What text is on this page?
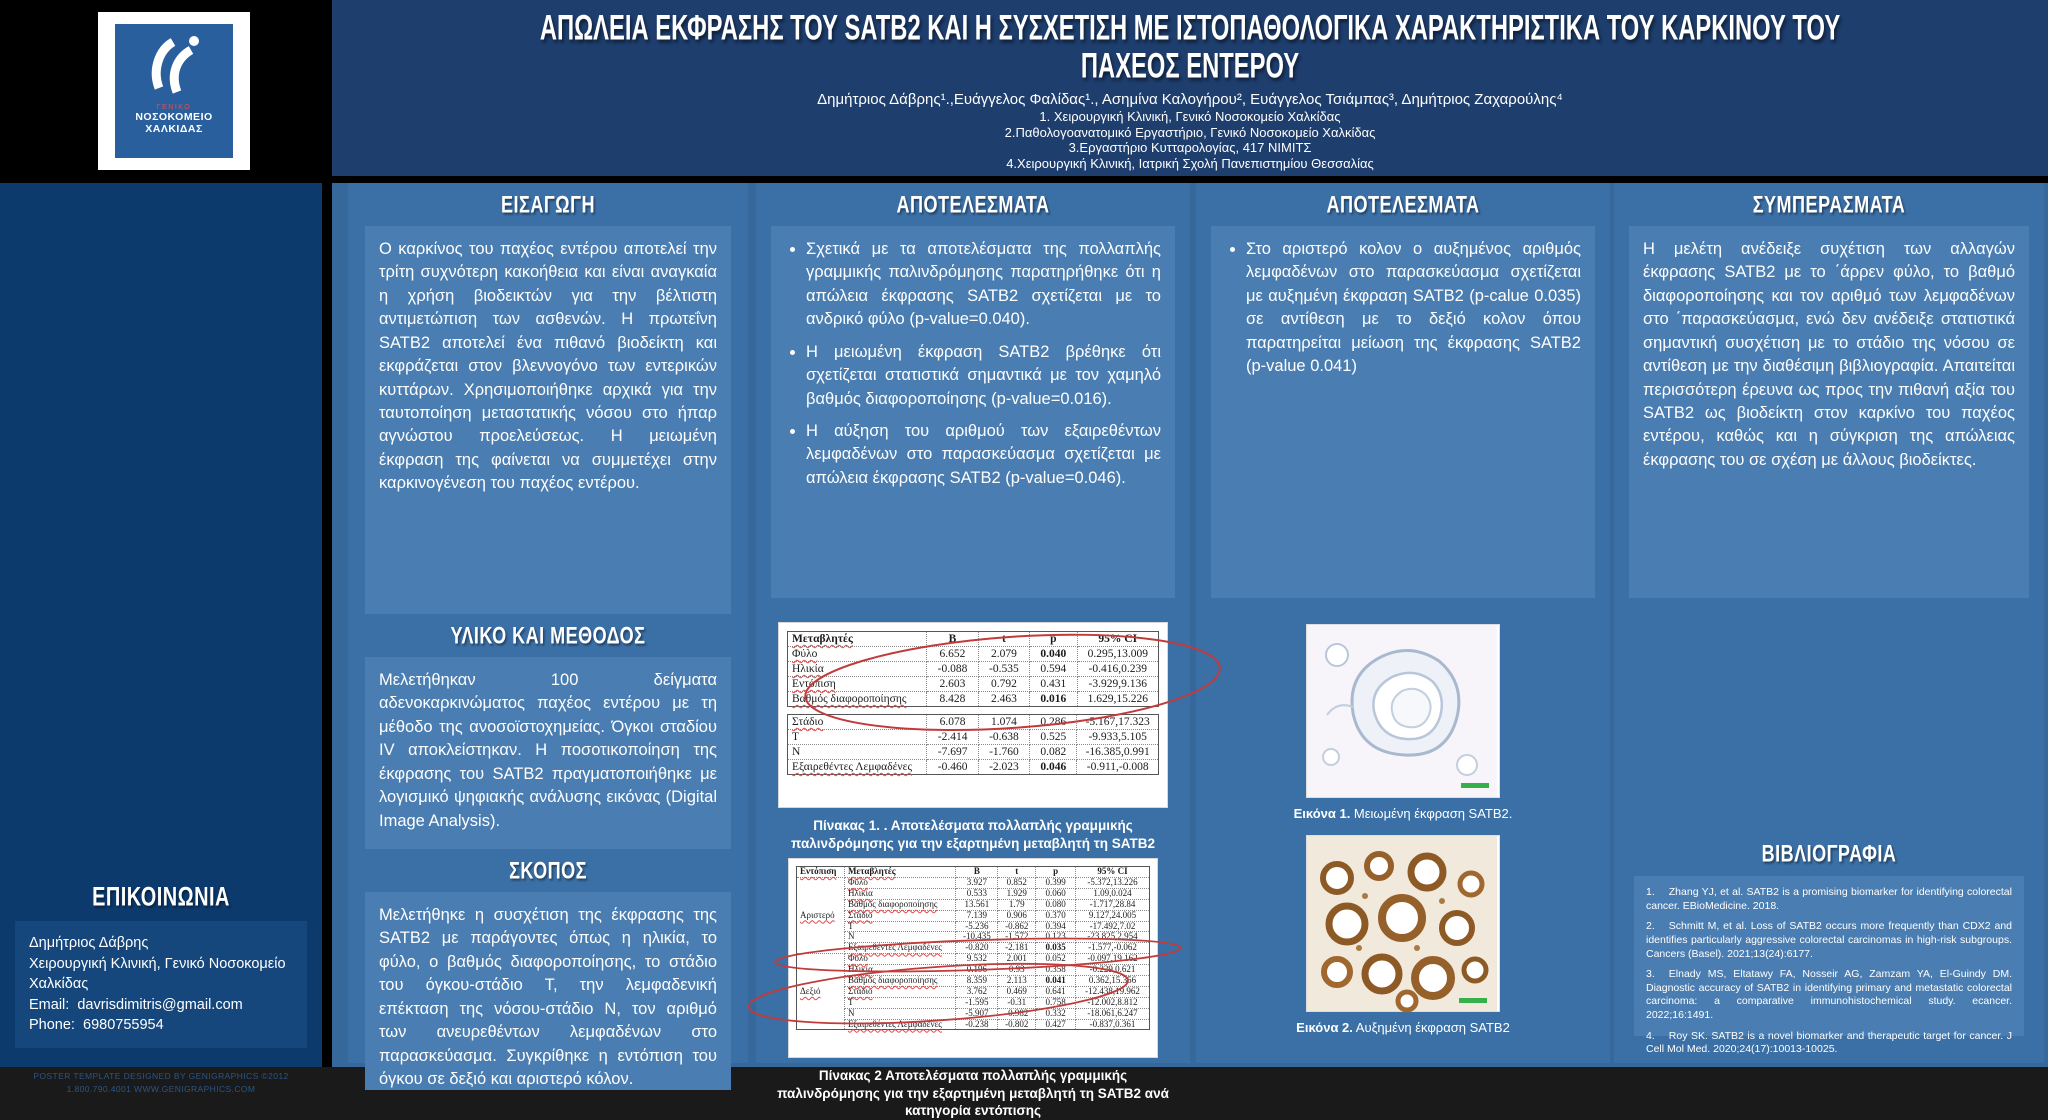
ΓΕΝΙΚΟ
ΝΟΣΟΚΟΜΕΙΟ
ΧΑΛΚΙΔΑΣ
ΑΠΩΛΕΙΑ ΕΚΦΡΑΣΗΣ ΤΟΥ SATB2 ΚΑΙ Η ΣΥΣΧΕΤΙΣΗ ΜΕ ΙΣΤΟΠΑΘΟΛΟΓΙΚΑ ΧΑΡΑΚΤΗΡΙΣΤΙΚΑ ΤΟΥ ΚΑΡΚΙΝΟΥ ΤΟΥ
ΠΑΧΕΟΣ ΕΝΤΕΡΟΥ
Δημήτριος Δάβρης¹.,Ευάγγελος Φαλίδας¹., Ασημίνα Καλογήρου², Ευάγγελος Τσιάμπας³, Δημήτριος Ζαχαρούλης⁴
1. Χειρουργική Κλινική, Γενικό Νοσοκομείο Χαλκίδας
2.Παθολογοανατομικό Εργαστήριο, Γενικό Νοσοκομείο Χαλκίδας
3.Εργαστήριο Κυτταρολογίας, 417 ΝΙΜΙΤΣ
4.Χειρουργική Κλινική, Ιατρική Σχολή Πανεπιστημίου Θεσσαλίας
ΕΠΙΚΟΙΝΩΝΙΑ
Δημήτριος Δάβρης
Χειρουργική Κλινική, Γενικό Νοσοκομείο Χαλκίδας
Email:  davrisdimitris@gmail.com
Phone:  6980755954
POSTER TEMPLATE DESIGNED BY GENIGRAPHICS ©2012
1.800.790.4001 WWW.GENIGRAPHICS.COM
ΕΙΣΑΓΩΓΗ
Ο καρκίνος του παχέος εντέρου αποτελεί την τρίτη συχνότερη κακοήθεια και είναι αναγκαία η χρήση βιοδεικτών για την βέλτιστη αντιμετώπιση των ασθενών. Η πρωτεΐνη SATB2 αποτελεί ένα πιθανό βιοδείκτη και εκφράζεται στον βλεννογόνο των εντερικών κυττάρων. Χρησιμοποιήθηκε αρχικά για την ταυτοποίηση μεταστατικής νόσου στο ήπαρ αγνώστου προελεύσεως. Η μειωμένη έκφραση της φαίνεται να συμμετέχει στην καρκινογένεση του παχέος εντέρου.
ΥΛΙΚΟ ΚΑΙ ΜΕΘΟΔΟΣ
Μελετήθηκαν 100 δείγματα αδενοκαρκινώματος παχέος εντέρου με τη μέθοδο της ανοσοϊστοχημείας. Όγκοι σταδίου IV αποκλείστηκαν. Η ποσοτικοποίηση της έκφρασης του SATB2 πραγματοποιήθηκε με λογισμικό ψηφιακής ανάλυσης εικόνας (Digital Image Analysis).
ΣΚΟΠΟΣ
Μελετήθηκε η συσχέτιση της έκφρασης της SATB2 με παράγοντες όπως η ηλικία, το φύλο, ο βαθμός διαφοροποίησης, το στάδιο του όγκου-στάδιο Τ, την λεμφαδενική επέκταση της νόσου-στάδιο Ν, τον αριθμό των ανευρεθέντων λεμφαδένων στο παρασκεύασμα. Συγκρίθηκε η εντόπιση του όγκου σε δεξιό και αριστερό κόλον.
ΑΠΟΤΕΛΕΣΜΑΤΑ
• Σχετικά με τα αποτελέσματα της πολλαπλής γραμμικής παλινδρόμησης παρατηρήθηκε ότι η απώλεια έκφρασης SATB2 σχετίζεται με το ανδρικό φύλο (p-value=0.040).
• Η μειωμένη έκφραση SATB2 βρέθηκε ότι σχετίζεται στατιστικά σημαντικά με τον χαμηλό βαθμός διαφοροποίησης (p-value=0.016).
• Η αύξηση του αριθμού των εξαιρεθέντων λεμφαδένων στο παρασκεύασμα σχετίζεται με απώλεια έκφρασης SATB2 (p-value=0.046).
Μεταβλητές	B	t	p	95% CI
Φύλο	6.652	2.079	0.040	0.295,13.009
Ηλικία	-0.088	-0.535	0.594	-0.416,0.239
Εντόπιση	2.603	0.792	0.431	-3.929,9.136
Βαθμός διαφοροποίησης	8.428	2.463	0.016	1.629,15.226
Στάδιο	6.078	1.074	0.286	-5.167,17.323
T	-2.414	-0.638	0.525	-9.933,5.105
N	-7.697	-1.760	0.082	-16.385,0.991
Εξαιρεθέντες Λεμφαδένες	-0.460	-2.023	0.046	-0.911,-0.008
Πίνακας 1. . Αποτελέσματα πολλαπλής γραμμικής παλινδρόμησης για την εξαρτημένη μεταβλητή τη SATB2
Εντόπιση	Μεταβλητές	B	t	p	95% CI
Αριστερό	Φύλο	3.927	0.852	0.399	-5.372,13.226
	Ηλικία	0.533	1.929	0.060	1.09,0.024
	Βαθμός διαφοροποίησης	13.561	1.79	0.080	-1.717,28.84
	Στάδιο	7.139	0.906	0.370	9.127,24.005
	T	-5.236	-0.862	0.394	-17.492,7.02
	N	-10.435	-1.572	0.123	-23.825,2.954
	Εξαιρεθέντες Λεμφαδένες	-0.820	-2.181	0.035	-1.577,-0.062
Δεξιό	Φύλο	9.532	2.001	0.052	-0.097,19.162
	Ηλικία	0.196	0.93	0.358	-0.229,0.621
	Βαθμός διαφοροποίησης	8.359	2.113	0.041	0.362,15.356
	Στάδιο	3.762	0.469	0.641	-12.438,19.962
	T	-1.595	-0.31	0.758	-12.002,8.812
	N	-5.907	-0.982	0.332	-18.061,6.247
	Εξαιρεθέντες Λεμφαδένες	-0.238	-0.802	0.427	-0.837,0.361
Πίνακας 2 Αποτελέσματα πολλαπλής γραμμικής παλινδρόμησης για την εξαρτημένη μεταβλητή τη SATB2 ανά κατηγορία εντόπισης
ΑΠΟΤΕΛΕΣΜΑΤΑ
• Στο αριστερό κολον ο αυξημένος αριθμός λεμφαδένων στο παρασκεύασμα σχετίζεται με αυξημένη έκφραση SATB2 (p-calue 0.035) σε αντίθεση με το δεξιό κολον όπου παρατηρείται μείωση της έκφρασης SATB2 (p-value 0.041)
Εικόνα 1. Μειωμένη έκφραση SATB2.
Εικόνα 2. Αυξημένη έκφραση SATB2
ΣΥΜΠΕΡΑΣΜΑΤΑ
Η μελέτη ανέδειξε συχέτιση των αλλαγών έκφρασης SATB2 με το ΄άρρεν φύλο, το βαθμό διαφοροποίησης και τον αριθμό των λεμφαδένων στο ΄παρασκεύασμα, ενώ δεν ανέδειξε στατιστικά σημαντική συσχέτιση με το στάδιο της νόσου σε αντίθεση με την διαθέσιμη βιβλιογραφία. Απαιτείται περισσότερη έρευνα ως προς την πιθανή αξία του SATB2 ως βιοδείκτη στον καρκίνο του παχέος εντέρου, καθώς και η σύγκριση της απώλειας έκφρασης του σε σχέση με άλλους βιοδείκτες.
ΒΙΒΛΙΟΓΡΑΦΙΑ

1. Zhang YJ, et al. SATB2 is a promising biomarker for identifying colorectal cancer. EBioMedicine. 2018.

2. Schmitt M, et al. Loss of SATB2 occurs more frequently than CDX2 and identifies particularly aggressive colorectal carcinomas in high-risk subgroups. Cancers (Basel). 2021;13(24):6177.

3. Elnady MS, Eltatawy FA, Nosseir AG, Zamzam YA, El-Guindy DM. Diagnostic accuracy of SATB2 in identifying primary and metastatic colorectal carcinoma: a comparative immunohistochemical study. ecancer. 2022;16:1491.

4. Roy SK. SATB2 is a novel biomarker and therapeutic target for cancer. J Cell Mol Med. 2020;24(17):10013-10025.
